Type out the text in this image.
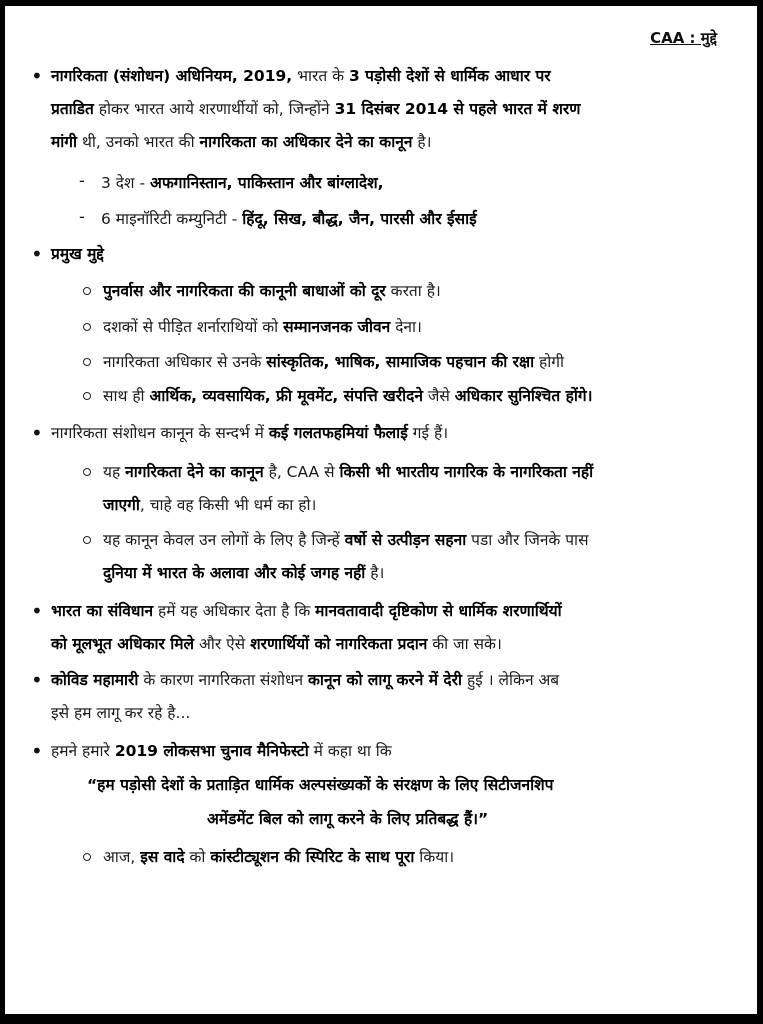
CAA : मुद्दे
• नागरिकता (संशोधन) अधिनियम, 2019, भारत के 3 पड़ोसी देशों से धार्मिक आधार पर
प्रताडित होकर भारत आये शरणार्थीयों को, जिन्होंने 31 दिसंबर 2014 से पहले भारत में शरण
मांगी थी, उनको भारत की नागरिकता का अधिकार देने का कानून है।
- 3 देश - अफगानिस्तान, पाकिस्तान और बांग्लादेश,
- 6 माइनॉरिटी कम्युनिटी - हिंदू, सिख, बौद्ध, जैन, पारसी और ईसाई
• प्रमुख मुद्दे
पुनर्वास और नागरिकता की कानूनी बाधाओं को दूर करता है।
दशकों से पीड़ित शर्नाराथियों को सम्मानजनक जीवन देना।
नागरिकता अधिकार से उनके सांस्कृतिक, भाषिक, सामाजिक पहचान की रक्षा होगी
साथ ही आर्थिक, व्यवसायिक, फ्री मूवमेंट, संपत्ति खरीदने जैसे अधिकार सुनिश्चित होंगे।
• नागरिकता संशोधन कानून के सन्दर्भ में कई गलतफहमियां फैलाई गई हैं।
यह नागरिकता देने का कानून है, CAA से किसी भी भारतीय नागरिक के नागरिकता नहीं
जाएगी, चाहे वह किसी भी धर्म का हो।
यह कानून केवल उन लोगों के लिए है जिन्हें वर्षो से उत्पीड़न सहना पडा और जिनके पास
दुनिया में भारत के अलावा और कोई जगह नहीं है।
• भारत का संविधान हमें यह अधिकार देता है कि मानवतावादी दृष्टिकोण से धार्मिक शरणार्थियों
को मूलभूत अधिकार मिले और ऐसे शरणार्थियों को नागरिकता प्रदान की जा सके।
• कोविड महामारी के कारण नागरिकता संशोधन कानून को लागू करने में देरी हुई । लेकिन अब
इसे हम लागू कर रहे है...
• हमने हमारे 2019 लोकसभा चुनाव मैनिफेस्टो में कहा था कि
“हम पड़ोसी देशों के प्रताड़ित धार्मिक अल्पसंख्यकों के संरक्षण के लिए सिटीजनशिप
अमेंडमेंट बिल को लागू करने के लिए प्रतिबद्ध हैं।”
आज, इस वादे को कांस्टीट्यूशन की स्पिरिट के साथ पूरा किया।
